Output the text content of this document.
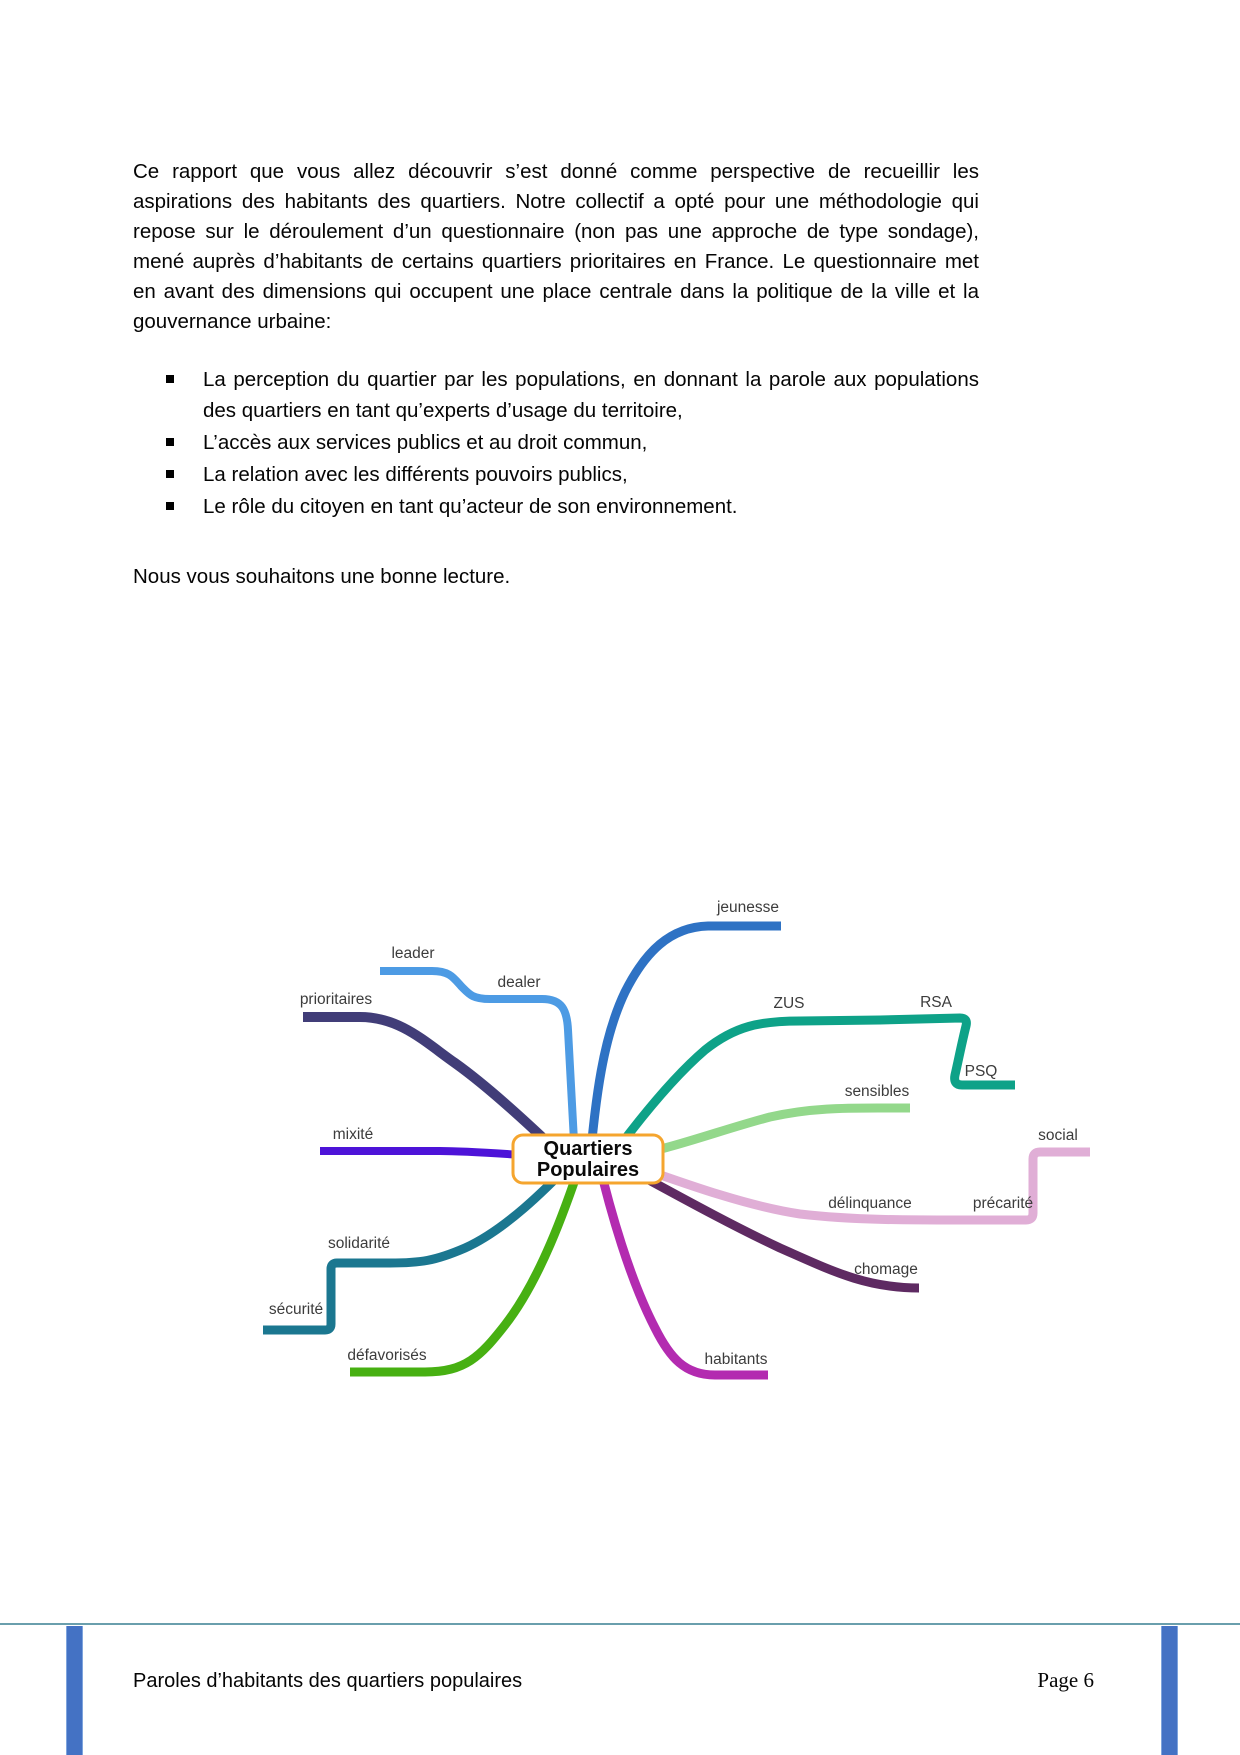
Ce rapport que vous allez découvrir s’est donné comme perspective de recueillir les aspirations des habitants des quartiers. Notre collectif a opté pour une méthodologie qui repose sur le déroulement d’un questionnaire (non pas une approche de type sondage), mené auprès d’habitants de certains quartiers prioritaires en France. Le questionnaire met en avant des dimensions qui occupent une place centrale dans la politique de la ville et la gouvernance urbaine:

La perception du quartier par les populations, en donnant la parole aux populations des quartiers en tant qu’experts d’usage du territoire,
L’accès aux services publics et au droit commun,
La relation avec les différents pouvoirs publics,
Le rôle du citoyen en tant qu’acteur de son environnement.

Nous vous souhaitons une bonne lecture.

jeunesse
leader
dealer
prioritaires	ZUS	RSA
PSQ
sensibles
mixité	social
délinquance	précarité
solidarité
chomage
sécurité
défavorisés	habitants
Quartiers
Populaires
Paroles d’habitants des quartiers populaires	Page 6
